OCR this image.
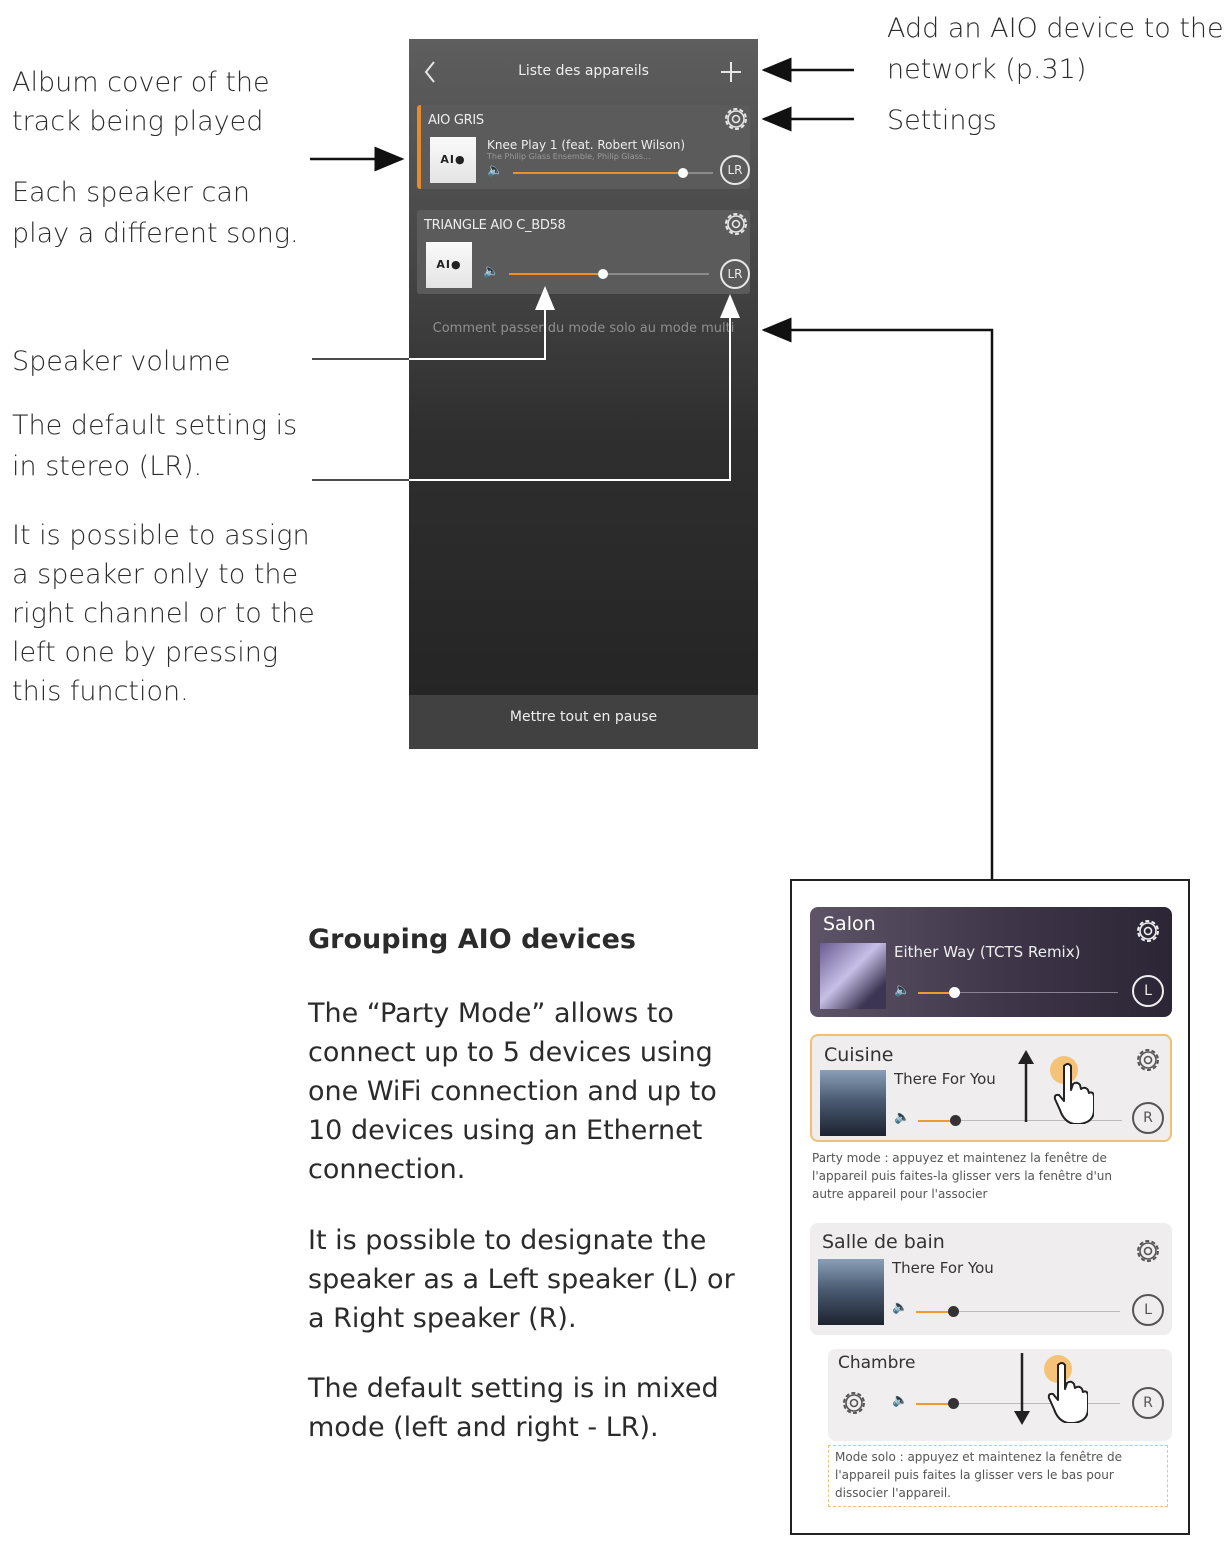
Album cover of the
track being played
Each speaker can
play a different song.
Speaker volume
The default setting is
in stereo (LR).
It is possible to assign
a speaker only to the
right channel or to the
left one by pressing
this function.
Add an AIO device to the
network (p.31)
Settings
Liste des appareils
AIO GRIS
AI●
Knee Play 1 (feat. Robert Wilson)
The Philip Glass Ensemble, Philip Glass...
🔈	LR
TRIANGLE AIO C_BD58
AI●	🔈	LR
Comment passer du mode solo au mode multi
Mettre tout en pause
Grouping AIO devices
The “Party Mode” allows to
connect up to 5 devices using
one WiFi connection and up to
10 devices using an Ethernet
connection.
It is possible to designate the
speaker as a Left speaker (L) or
a Right speaker (R).
The default setting is in mixed
mode (left and right - LR).
Salon
Either Way (TCTS Remix)
🔈	L
Cuisine
There For You
🔈	R
Party mode : appuyez et maintenez la fenêtre de
l'appareil puis faites-la glisser vers la fenêtre d'un
autre appareil pour l'associer
Salle de bain
There For You
🔈	L
Chambre
🔈	R
Mode solo : appuyez et maintenez la fenêtre de
l'appareil puis faites la glisser vers le bas pour
dissocier l'appareil.
